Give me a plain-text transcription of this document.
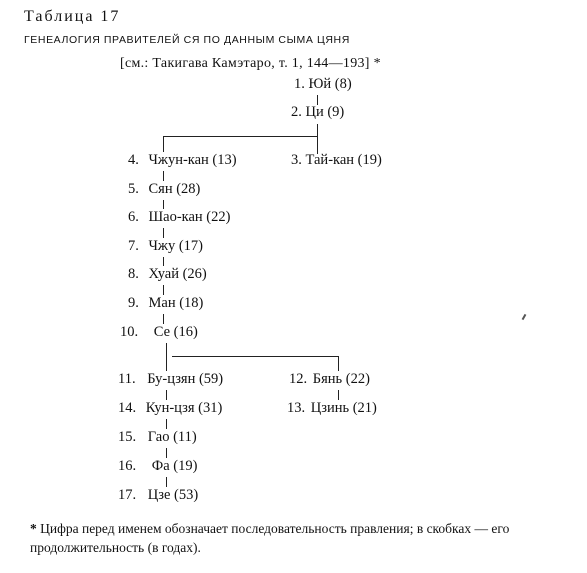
Таблица 17
ГЕНЕАЛОГИЯ ПРАВИТЕЛЕЙ СЯ ПО ДАННЫМ СЫМА ЦЯНЯ
[см.: Такигава Камэтаро, т. 1, 144—193] *
1. Юй (8)
2. Ци (9)
4. Чжун-кан (13)	3. Тай-кан (19)
5. Сян (28)
6. Шао-кан (22)
7. Чжу (17)
8. Хуай (26)
9. Ман (18)
10. Се (16)
11. Бу-цзян (59)	12. Бянь (22)
14. Кун-цзя (31)	13. Цзинь (21)
15. Гао (11)
16. Фа (19)
17. Цзе (53)
* Цифра перед именем обозначает последовательность правления; в скобках — его продолжительность (в годах).
